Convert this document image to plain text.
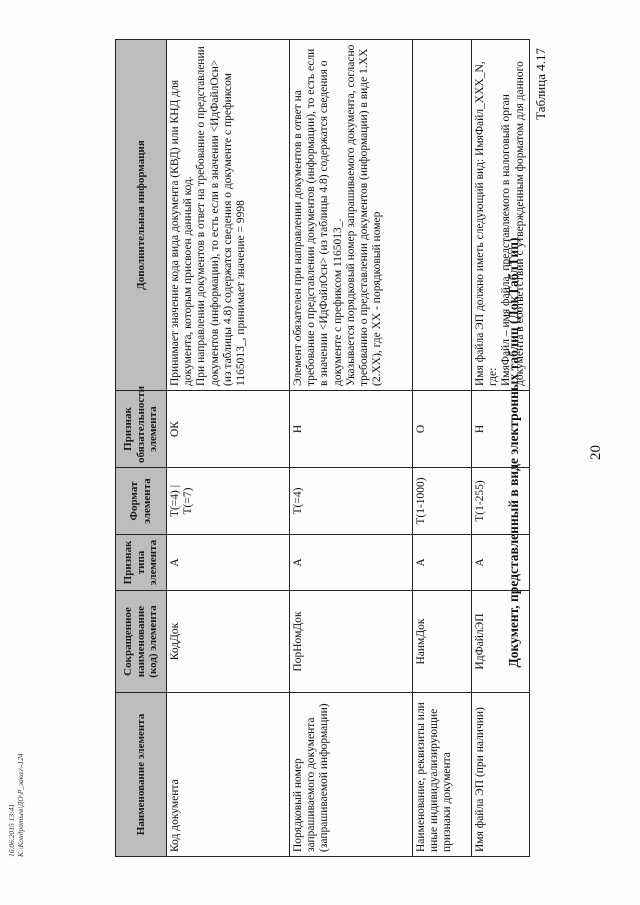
20
Таблица 4.17
Документ, представленный в виде электронных таблиц (ДокТаблТип)
Наименование элемента	Сокращенное наименование (код) элемента	Признак типа элемента	Формат элемента	Признак обязательности элемента	Дополнительная информация
Код документа	КодДок	А	Т(=4) | Т(=7)	ОК	Принимает значение кода вида документа (КВД) или КНД для документа, которым присвоен данный код.
При направлении документов в ответ на требование о представлении документов (информации), то есть если в значении <ИдФайлОсн> (из таблицы 4.8) содержатся сведения о документе с префиксом 1165013_, принимает значение = 9998
Порядковый номер запрашиваемого документа (запрашиваемой информации)	ПорНомДок	А	Т(=4)	Н	Элемент обязателен при направлении документов в ответ на требование о представлении документов (информации), то есть если в значении <ИдФайлОсн> (из таблицы 4.8) содержатся сведения о документе с префиксом 1165013_.
Указывается порядковый номер запрашиваемого документа, согласно требованию о представлении документов (информации) в виде 1.ХХ (2.ХХ), где ХХ - порядковый номер
Наименование, реквизиты или иные индивидуализирующие признаки документа	НаимДок	А	Т(1-1000)	О	
Имя файла ЭП (при наличии)	ИдФайлЭП	А	Т(1-255)	Н	Имя файла ЭП должно иметь следующий вид: ИмяФайл_ХХХ_N, где:
ИмяФайл – имя файла, представляемого в налоговый орган документа в соответствии с утвержденным форматом для данного
16.06.2015 13:41 К:\Кондратьев\ДО\Р_заказ\-124
